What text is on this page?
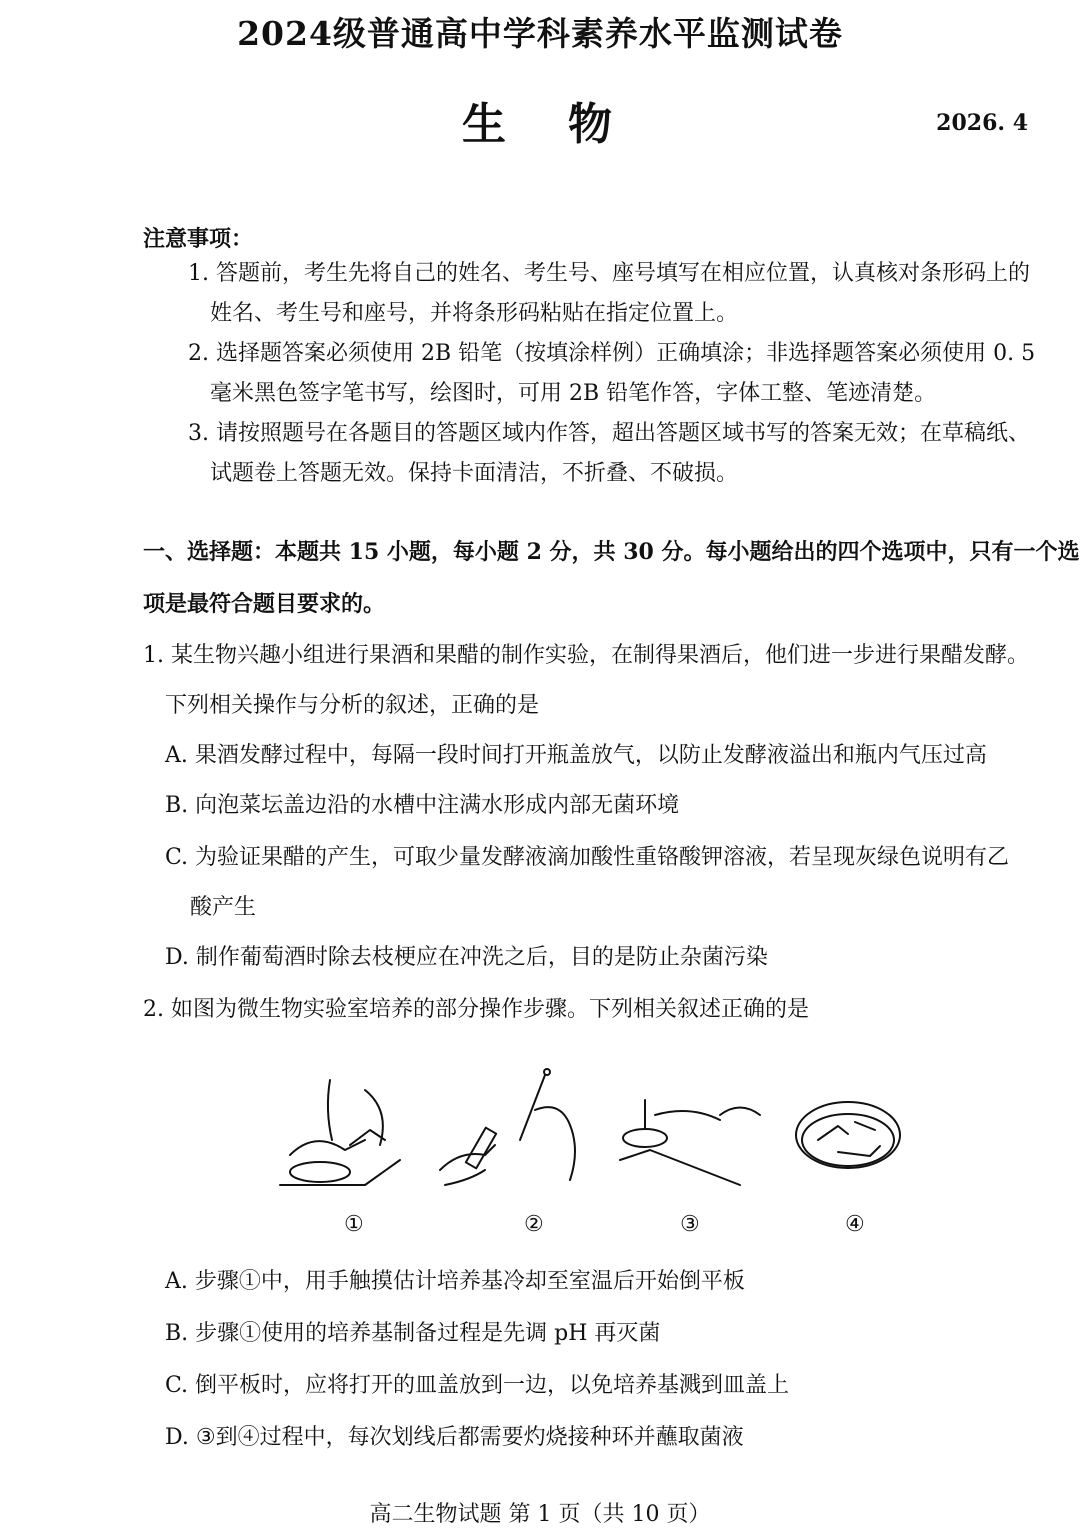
2024级普通高中学科素养水平监测试卷
生 物	2026. 4
注意事项：
1. 答题前，考生先将自己的姓名、考生号、座号填写在相应位置，认真核对条形码上的
姓名、考生号和座号，并将条形码粘贴在指定位置上。
2. 选择题答案必须使用 2B 铅笔（按填涂样例）正确填涂；非选择题答案必须使用 0. 5
毫米黑色签字笔书写，绘图时，可用 2B 铅笔作答，字体工整、笔迹清楚。
3. 请按照题号在各题目的答题区域内作答，超出答题区域书写的答案无效；在草稿纸、
试题卷上答题无效。保持卡面清洁，不折叠、不破损。
一、选择题：本题共 15 小题，每小题 2 分，共 30 分。每小题给出的四个选项中，只有一个选
项是最符合题目要求的。
1. 某生物兴趣小组进行果酒和果醋的制作实验，在制得果酒后，他们进一步进行果醋发酵。
下列相关操作与分析的叙述，正确的是
A. 果酒发酵过程中，每隔一段时间打开瓶盖放气，以防止发酵液溢出和瓶内气压过高
B. 向泡菜坛盖边沿的水槽中注满水形成内部无菌环境
C. 为验证果醋的产生，可取少量发酵液滴加酸性重铬酸钾溶液，若呈现灰绿色说明有乙
酸产生
D. 制作葡萄酒时除去枝梗应在冲洗之后，目的是防止杂菌污染
2. 如图为微生物实验室培养的部分操作步骤。下列相关叙述正确的是
①	②	③	④
A. 步骤①中，用手触摸估计培养基冷却至室温后开始倒平板
B. 步骤①使用的培养基制备过程是先调 pH 再灭菌
C. 倒平板时，应将打开的皿盖放到一边，以免培养基溅到皿盖上
D. ③到④过程中，每次划线后都需要灼烧接种环并蘸取菌液
高二生物试题 第 1 页（共 10 页）
